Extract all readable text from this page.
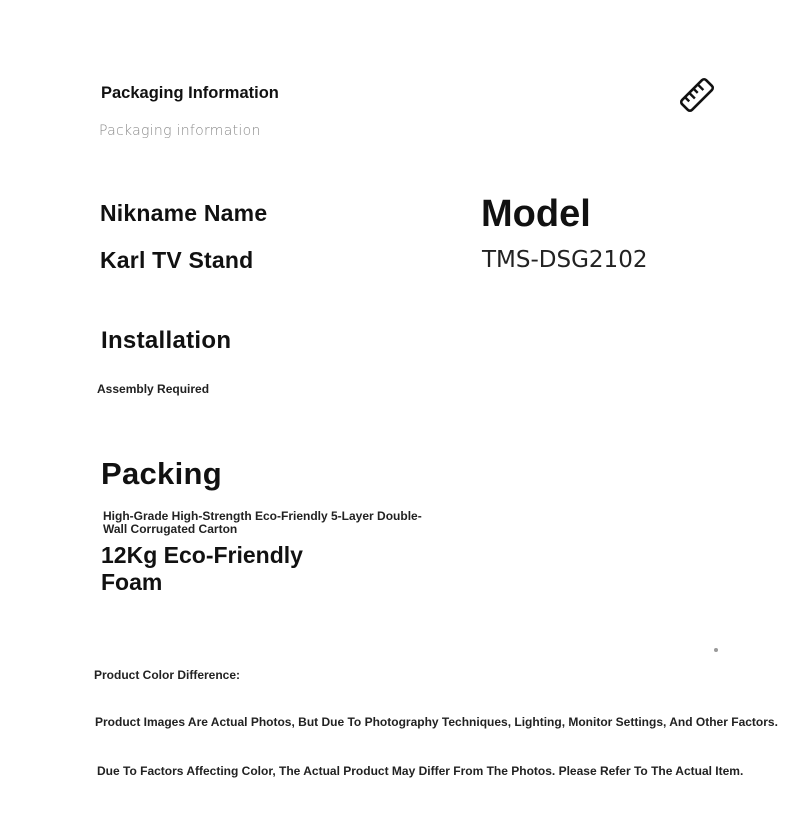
Packaging Information
Packaging information
Nikname Name
Karl TV Stand
Model
TMS-DSG2102
Installation
Assembly Required
Packing
High-Grade High-Strength Eco-Friendly 5-Layer Double-Wall Corrugated Carton
12Kg Eco-Friendly Foam
Product Color Difference:
Product Images Are Actual Photos, But Due To Photography Techniques, Lighting, Monitor Settings, And Other Factors.
Due To Factors Affecting Color, The Actual Product May Differ From The Photos. Please Refer To The Actual Item.
